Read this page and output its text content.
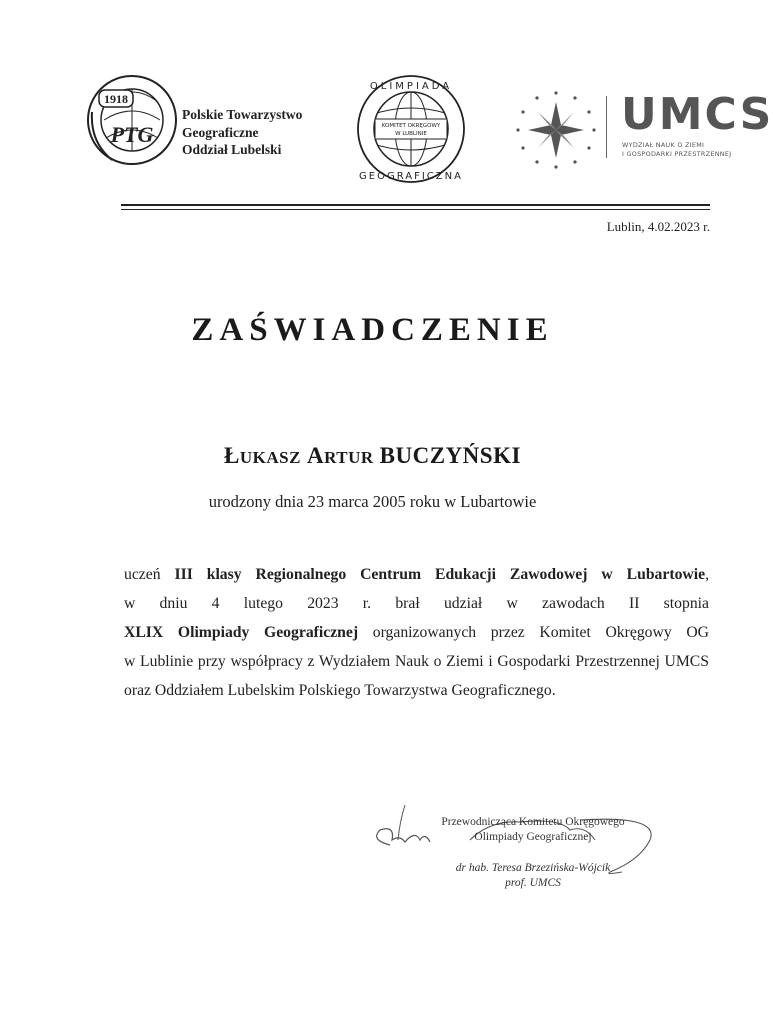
1918
PTG
Polskie Towarzystwo
Geograficzne
Oddział Lubelski
KOMITET OKRĘGOWY
W LUBLINIE
OLIMPIADA
GEOGRAFICZNA
UMCS
WYDZIAŁ NAUK O ZIEMI
I GOSPODARKI PRZESTRZENNEJ
Lublin, 4.02.2023 r.
ZAŚWIADCZENIE
ŁUKASZ ARTUR BUCZYŃSKI
urodzony dnia 23 marca 2005 roku w Lubartowie

uczeń III klasy Regionalnego Centrum Edukacji Zawodowej w Lubartowie,

w dniu 4 lutego 2023 r. brał udział w zawodach II stopnia

XLIX Olimpiady Geograficznej organizowanych przez Komitet Okręgowy OG

w Lublinie przy współpracy z Wydziałem Nauk o Ziemi i Gospodarki Przestrzennej UMCS oraz Oddziałem Lubelskim Polskiego Towarzystwa Geograficznego.

Przewodnicząca Komitetu Okręgowego
Olimpiady Geograficznej
dr hab. Teresa Brzezińska-Wójcik
prof. UMCS
